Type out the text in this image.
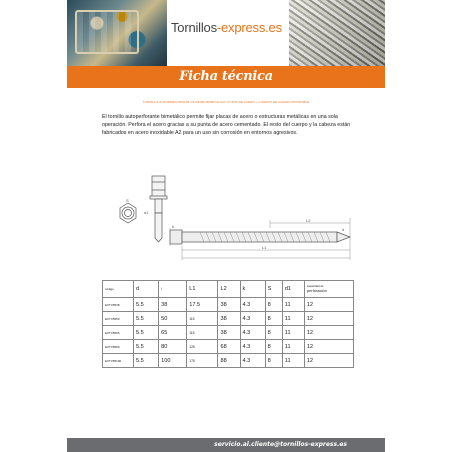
Tornillos-express.es
Ficha técnica
TORNILLO AUTOPERFORANTE CILINDRO BIMETÁLICO, PUNTA DE ACERO + CUERPO DE ACERO INOXIDABLE
El tornillo autoperforante bimetálico permite fijar placas de acero o estructuras metálicas en una sola operación. Perfora el acero gracias a su punta de acero cementado. El resto del cuerpo y la cabeza están fabricados en acero inoxidable A2 para un uso sin corrosión en entornos agresivos.
L2
L1
d
k
S
d1
código	d	l	L1	L2	k	S	d1	capacidad de
perforación
EXTX5538	5.5	38	17.5	38	4.3	8	11	12
EXTX5550	5.5	50	115	38	4.3	8	11	12
EXTX5565	5.5	65	115	38	4.3	8	11	12
EXTX5580	5.5	80	125	68	4.3	8	11	12
EXTX55100	5.5	100	175	88	4.3	8	11	12
servicio.al.cliente@tornillos-express.es
